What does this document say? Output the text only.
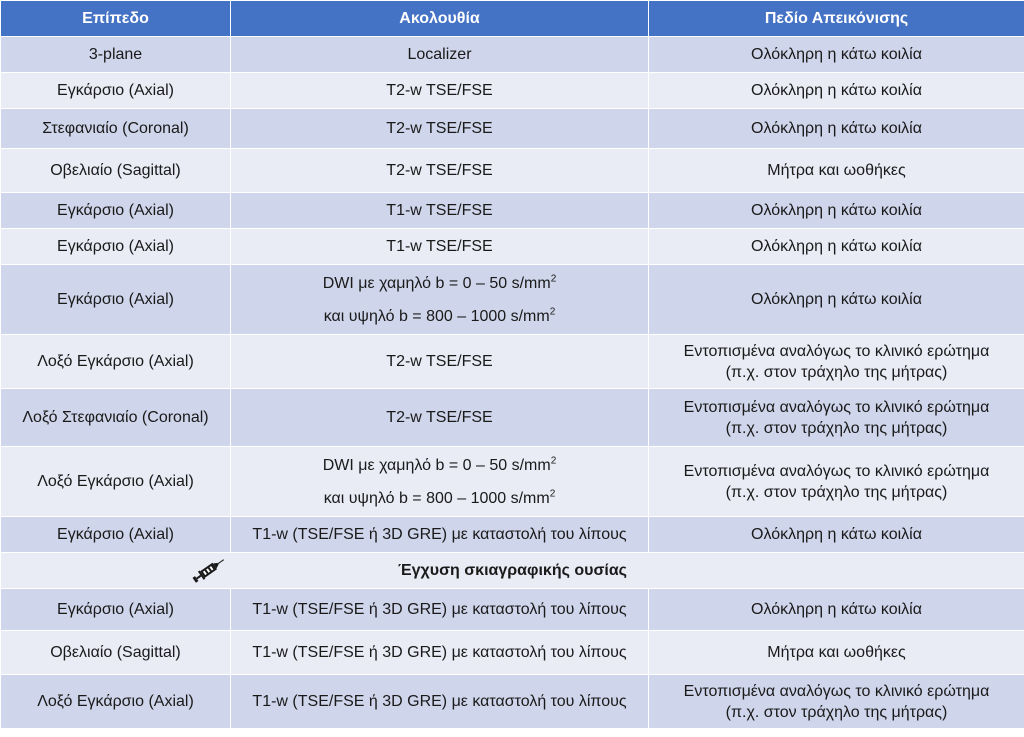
Επίπεδο	Ακολουθία	Πεδίο Απεικόνισης
3-plane	Localizer	Ολόκληρη η κάτω κοιλία
Εγκάρσιο (Axial)	T2-w TSE/FSE	Ολόκληρη η κάτω κοιλία
Στεφανιαίο (Coronal)	T2-w TSE/FSE	Ολόκληρη η κάτω κοιλία
Οβελιαίο (Sagittal)	T2-w TSE/FSE	Μήτρα και ωοθήκες
Εγκάρσιο (Axial)	T1-w TSE/FSE	Ολόκληρη η κάτω κοιλία
Εγκάρσιο (Axial)	T1-w TSE/FSE	Ολόκληρη η κάτω κοιλία
Εγκάρσιο (Axial)	DWI με χαμηλό b = 0 – 50 $s/mm^2$
και υψηλό b = 800 – 1000 $s/mm^2$	Ολόκληρη η κάτω κοιλία
Λοξό Εγκάρσιο (Axial)	T2-w TSE/FSE	Εντοπισμένα αναλόγως το κλινικό ερώτημα
(π.χ. στον τράχηλο της μήτρας)

Λοξό Στεφανιαίο (Coronal)	T2-w TSE/FSE	Εντοπισμένα αναλόγως το κλινικό ερώτημα
(π.χ. στον τράχηλο της μήτρας)

Λοξό Εγκάρσιο (Axial)	DWI με χαμηλό b = 0 – 50 $s/mm^2$
και υψηλό b = 800 – 1000 $s/mm^2$	Εντοπισμένα αναλόγως το κλινικό ερώτημα
(π.χ. στον τράχηλο της μήτρας)

Εγκάρσιο (Axial)	T1-w (TSE/FSE ή 3D GRE) με καταστολή του λίπους	Ολόκληρη η κάτω κοιλία

Έγχυση σκιαγραφικής ουσίας		
Εγκάρσιο (Axial)	T1-w (TSE/FSE ή 3D GRE) με καταστολή του λίπους	Ολόκληρη η κάτω κοιλία
Οβελιαίο (Sagittal)	T1-w (TSE/FSE ή 3D GRE) με καταστολή του λίπους	Μήτρα και ωοθήκες
Λοξό Εγκάρσιο (Axial)	T1-w (TSE/FSE ή 3D GRE) με καταστολή του λίπους	Εντοπισμένα αναλόγως το κλινικό ερώτημα
(π.χ. στον τράχηλο της μήτρας)
